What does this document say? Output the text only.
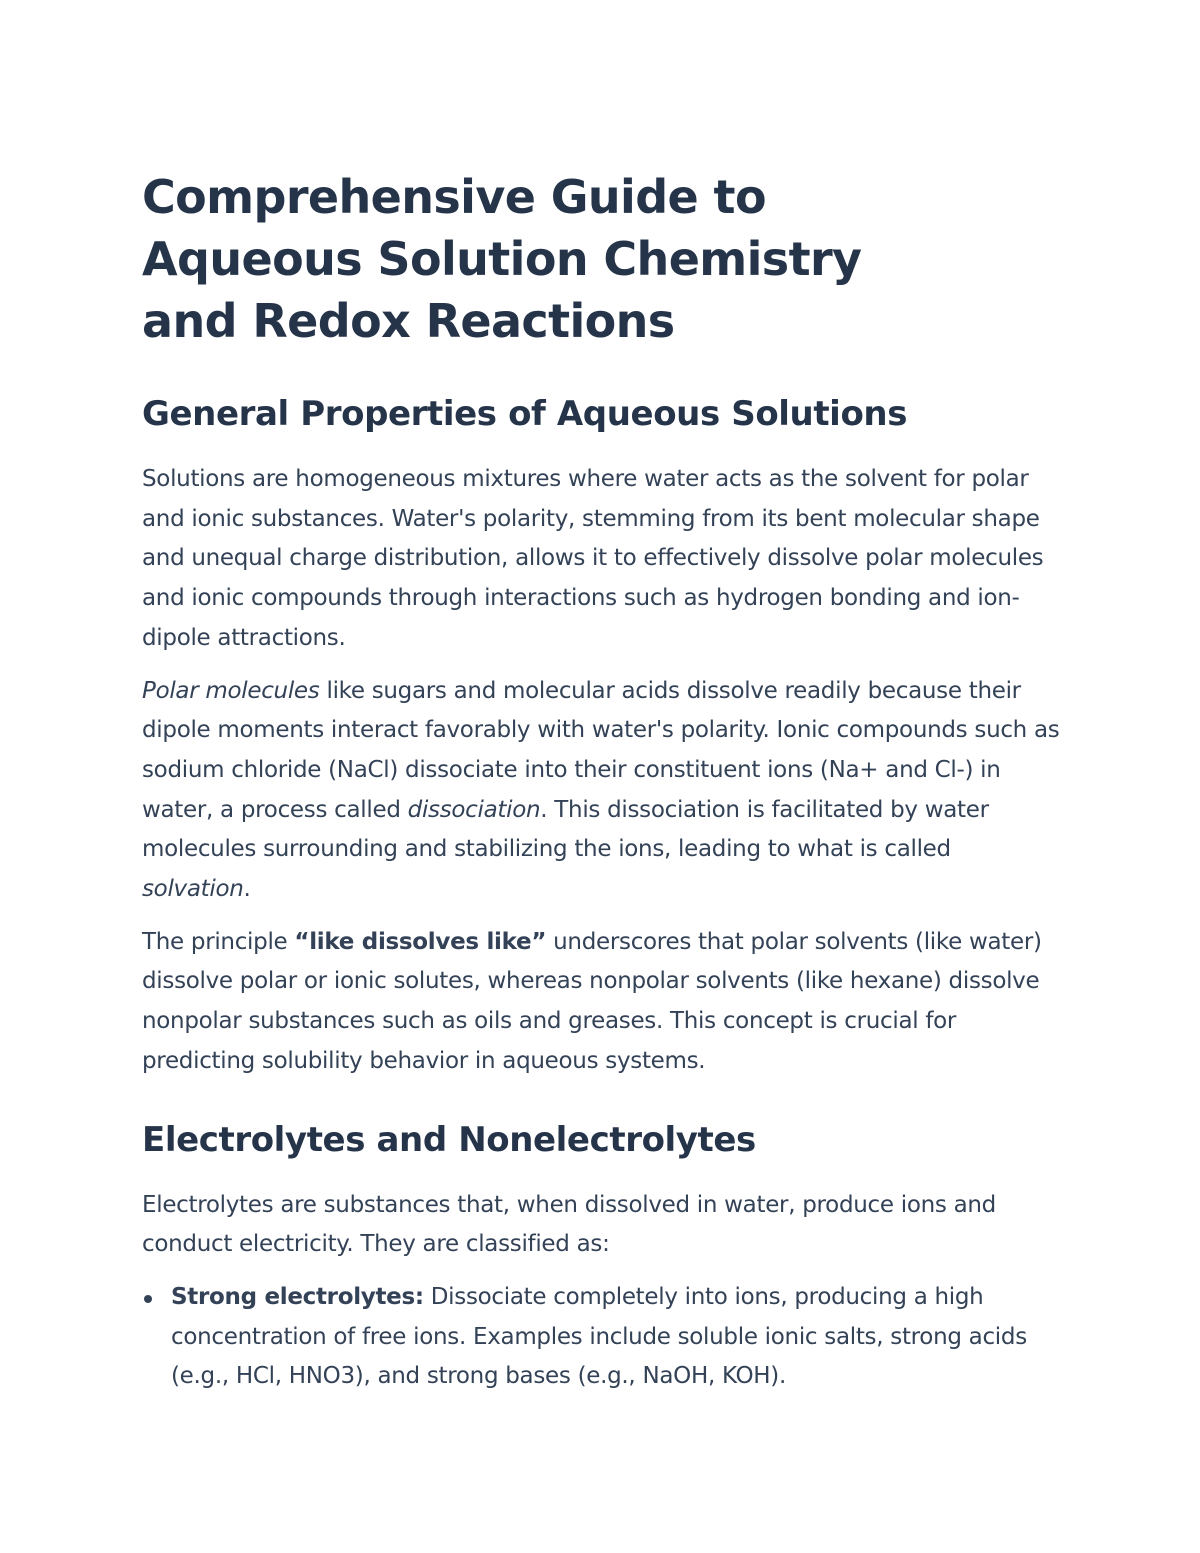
Comprehensive Guide to Aqueous Solution Chemistry and Redox Reactions
General Properties of Aqueous Solutions

Solutions are homogeneous mixtures where water acts as the solvent for polar and ionic substances. Water's polarity, stemming from its bent molecular shape and unequal charge distribution, allows it to effectively dissolve polar molecules and ionic compounds through interactions such as hydrogen bonding and ion-dipole attractions.

Polar molecules like sugars and molecular acids dissolve readily because their dipole moments interact favorably with water's polarity. Ionic compounds such as sodium chloride (NaCl) dissociate into their constituent ions (Na+ and Cl-) in water, a process called dissociation. This dissociation is facilitated by water molecules surrounding and stabilizing the ions, leading to what is called solvation.

The principle “like dissolves like” underscores that polar solvents (like water) dissolve polar or ionic solutes, whereas nonpolar solvents (like hexane) dissolve nonpolar substances such as oils and greases. This concept is crucial for predicting solubility behavior in aqueous systems.

Electrolytes and Nonelectrolytes

Electrolytes are substances that, when dissolved in water, produce ions and conduct electricity. They are classified as:

Strong electrolytes: Dissociate completely into ions, producing a high concentration of free ions. Examples include soluble ionic salts, strong acids (e.g., HCl, HNO3), and strong bases (e.g., NaOH, KOH).
